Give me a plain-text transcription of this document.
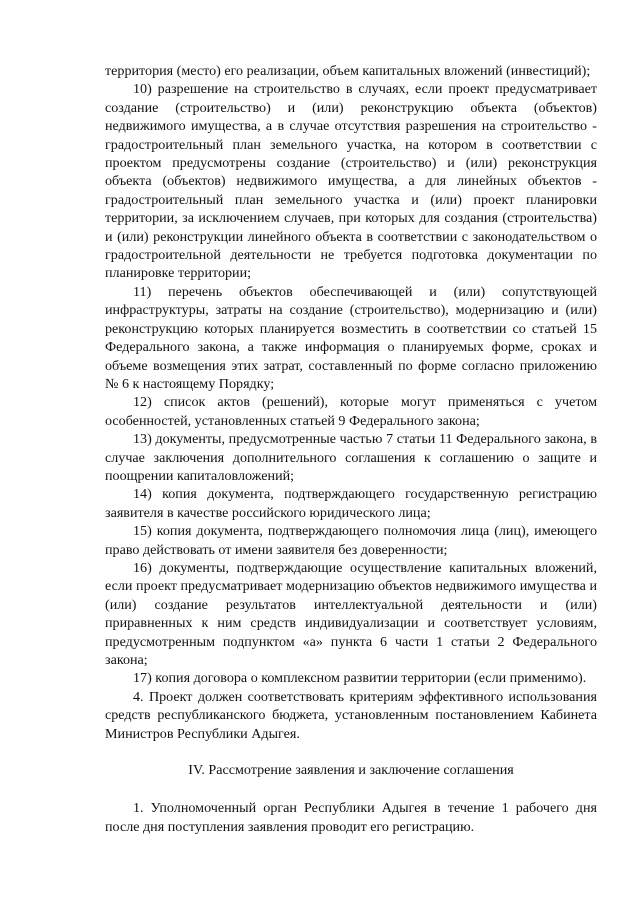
территория (место) его реализации, объем капитальных вложений (инвестиций);

10) разрешение на строительство в случаях, если проект предусматривает создание (строительство) и (или) реконструкцию объекта (объектов) недвижимого имущества, а в случае отсутствия разрешения на строительство - градостроительный план земельного участка, на котором в соответствии с проектом предусмотрены создание (строительство) и (или) реконструкция объекта (объектов) недвижимого имущества, а для линейных объектов - градостроительный план земельного участка и (или) проект планировки территории, за исключением случаев, при которых для создания (строительства) и (или) реконструкции линейного объекта в соответствии с законодательством о градостроительной деятельности не требуется подготовка документации по планировке территории;

11) перечень объектов обеспечивающей и (или) сопутствующей инфраструктуры, затраты на создание (строительство), модернизацию и (или) реконструкцию которых планируется возместить в соответствии со статьей 15 Федерального закона, а также информация о планируемых форме, сроках и объеме возмещения этих затрат, составленный по форме согласно приложению № 6 к настоящему Порядку;

12) список актов (решений), которые могут применяться с учетом особенностей, установленных статьей 9 Федерального закона;

13) документы, предусмотренные частью 7 статьи 11 Федерального закона, в случае заключения дополнительного соглашения к соглашению о защите и поощрении капиталовложений;

14) копия документа, подтверждающего государственную регистрацию заявителя в качестве российского юридического лица;

15) копия документа, подтверждающего полномочия лица (лиц), имеющего право действовать от имени заявителя без доверенности;

16) документы, подтверждающие осуществление капитальных вложений, если проект предусматривает модернизацию объектов недвижимого имущества и (или) создание результатов интеллектуальной деятельности и (или) приравненных к ним средств индивидуализации и соответствует условиям, предусмотренным подпунктом «а» пункта 6 части 1 статьи 2 Федерального закона;

17) копия договора о комплексном развитии территории (если применимо).

4. Проект должен соответствовать критериям эффективного использования средств республиканского бюджета, установленным постановлением Кабинета Министров Республики Адыгея.

IV. Рассмотрение заявления и заключение соглашения

1. Уполномоченный орган Республики Адыгея в течение 1 рабочего дня после дня поступления заявления проводит его регистрацию.
